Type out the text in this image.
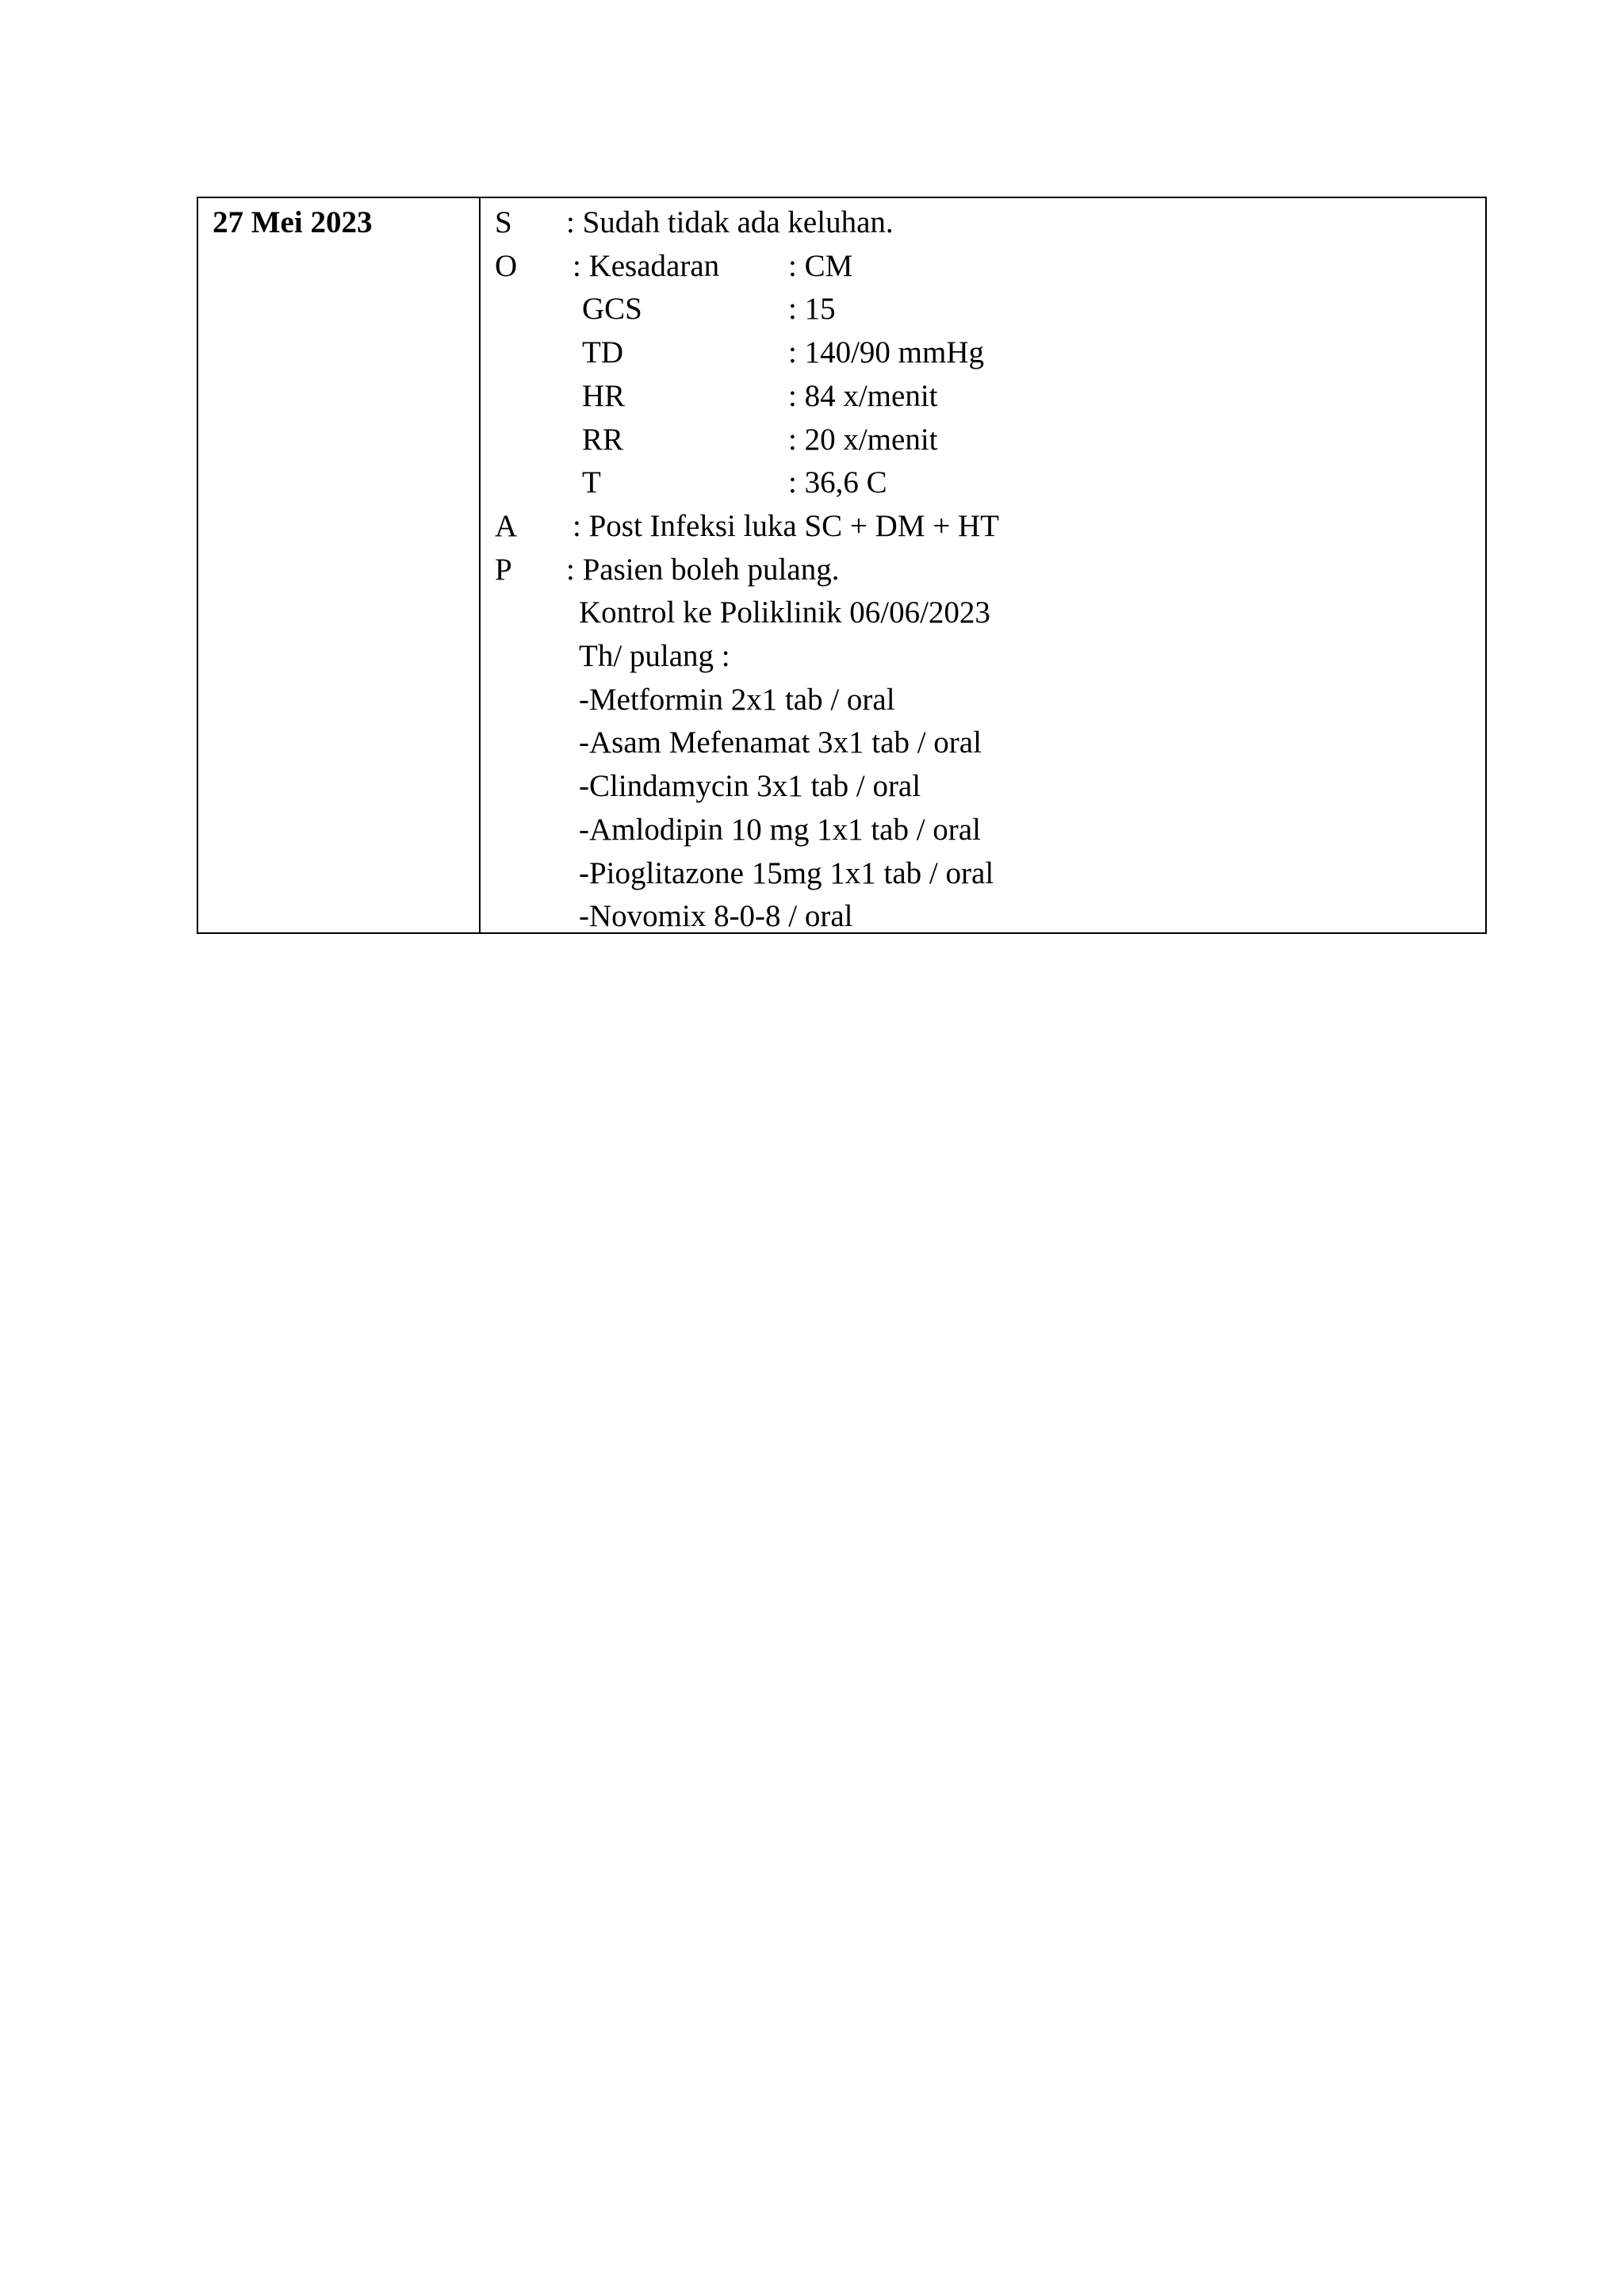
27 Mei 2023	S : Sudah tidak ada keluhan.
O : Kesadaran : CM
GCS	: 15
TD	: 140/90 mmHg
HR	: 84 x/menit
RR	: 20 x/menit
T	: 36,6 C
A : Post Infeksi luka SC + DM + HT
P : Pasien boleh pulang.
Kontrol ke Poliklinik 06/06/2023
Th/ pulang :
-Metformin 2x1 tab / oral
-Asam Mefenamat 3x1 tab / oral
-Clindamycin 3x1 tab / oral
-Amlodipin 10 mg 1x1 tab / oral
-Pioglitazone 15mg 1x1 tab / oral
-Novomix 8-0-8 / oral
